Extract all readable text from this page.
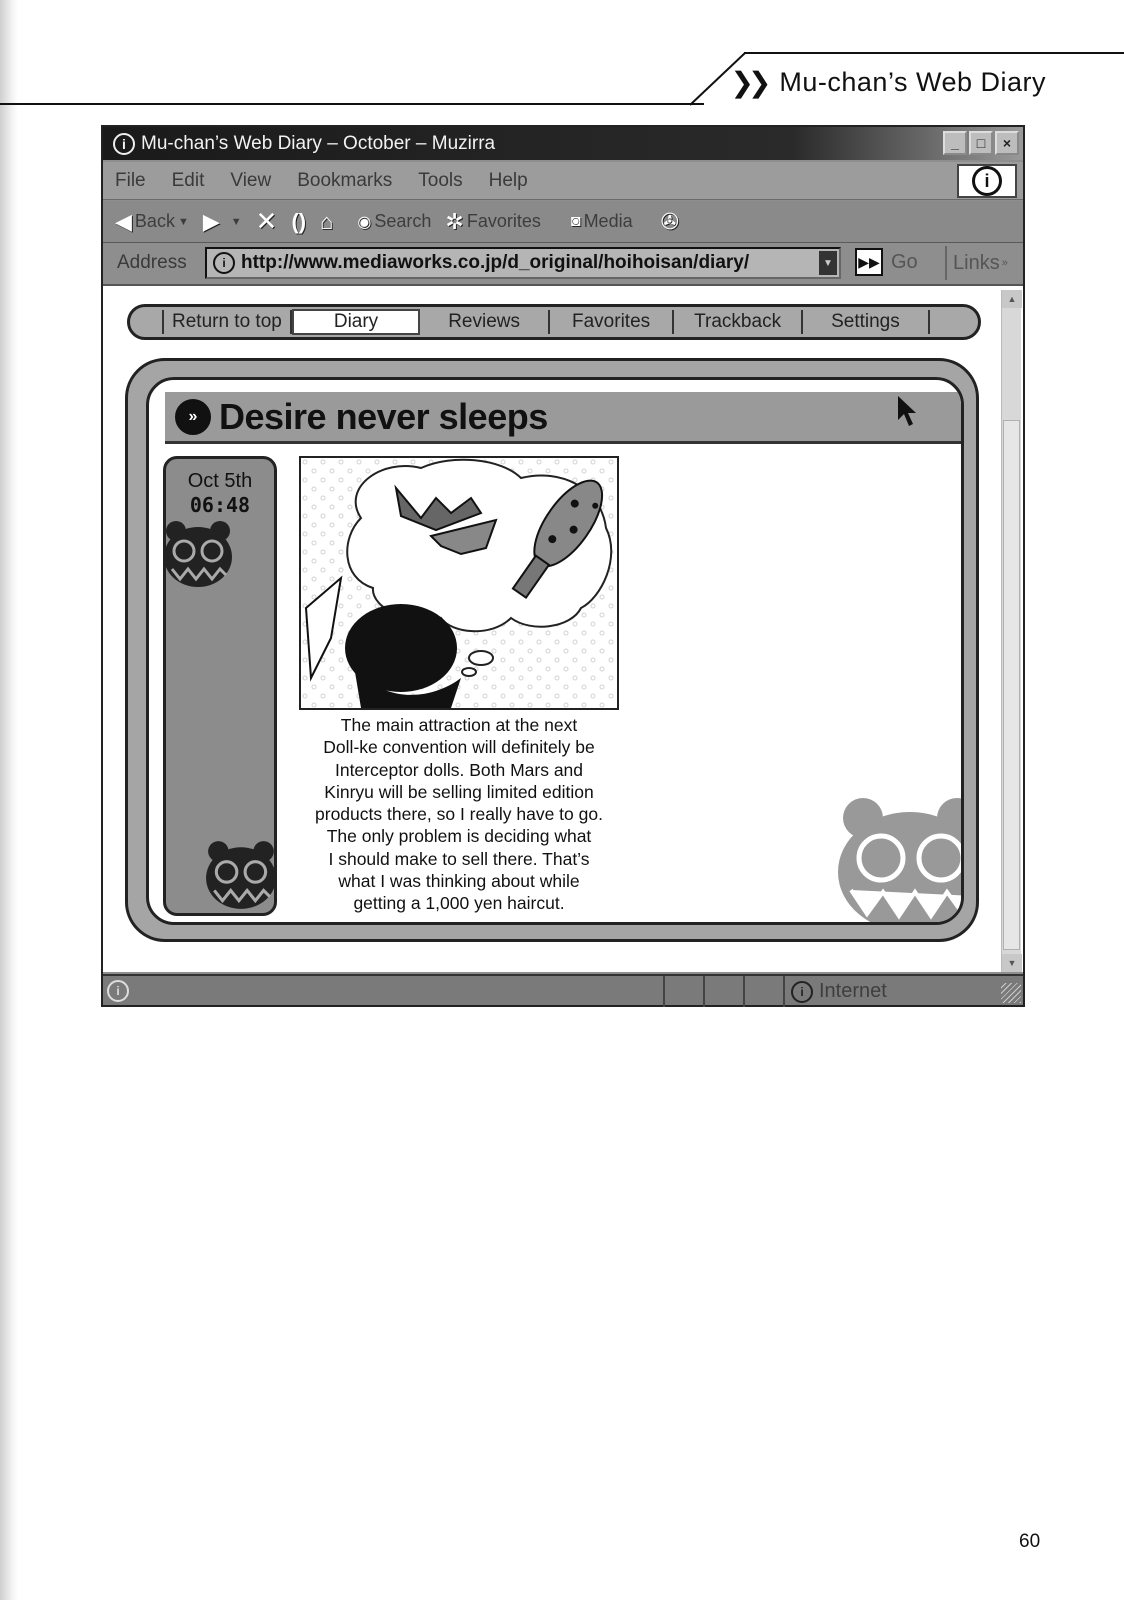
❯❯ Mu-chan’s Web Diary
i Mu-chan’s Web Diary – October – Muzirra	_	□	×
File Edit View Bookmarks Tools Help	i
◀ Back ▼ ▶ ▼ ✕ () ⌂ ◉ Search ✲ Favorites ◙ Media ✇
Address	i http://www.mediaworks.co.jp/d_original/hoihoisan/diary/	▼ ▶▶ Go Links »
Return to top	Diary	Reviews	Favorites	Trackback	Settings
» Desire never sleeps
Oct 5th
06:48
The main attraction at the next
Doll-ke convention will definitely be
Interceptor dolls. Both Mars and
Kinryu will be selling limited edition
products there, so I really have to go.
The only problem is deciding what
I should make to sell there. That’s
what I was thinking about while
getting a 1,000 yen haircut.
▲
▼
i	i Internet
60
